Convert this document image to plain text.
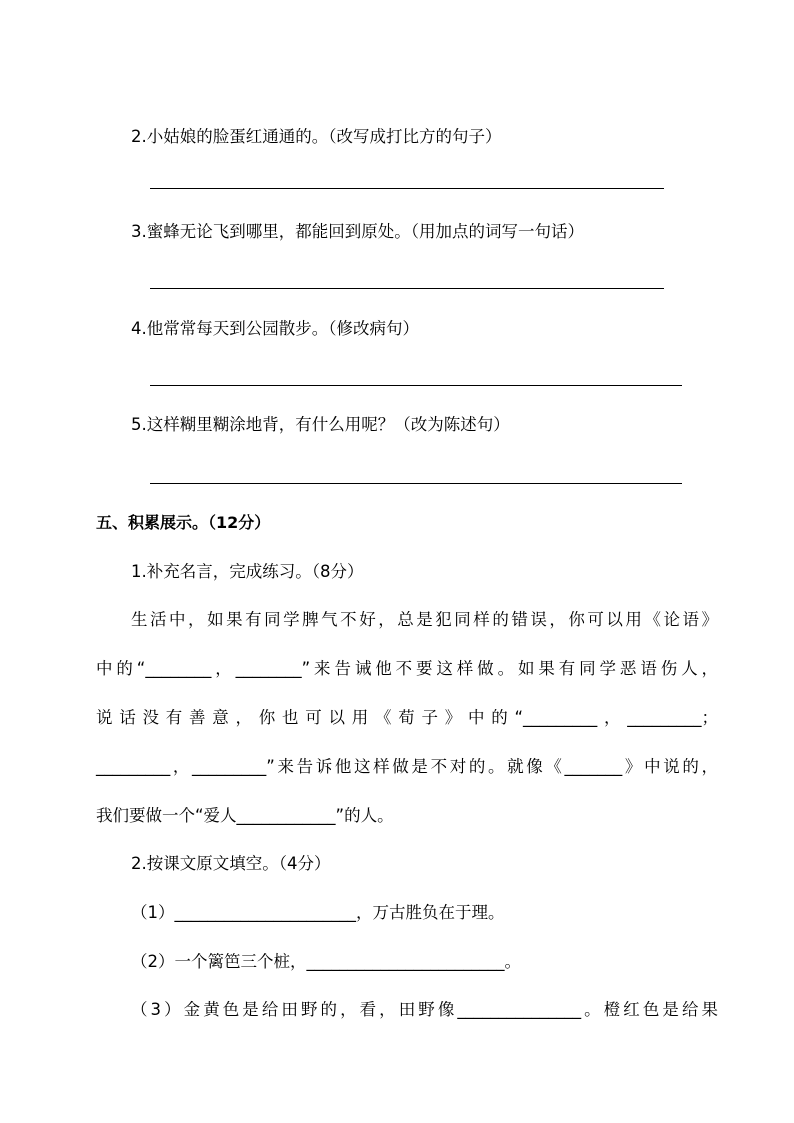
2.小姑娘的脸蛋红通通的。（改写成打比方的句子）
3.蜜蜂无论飞到哪里，都能回到原处。（用加点的词写一句话）
4.他常常每天到公园散步。（修改病句）
5.这样糊里糊涂地背，有什么用呢？（改为陈述句）
五、积累展示。（12分）
1.补充名言，完成练习。（8分）
生活中，如果有同学脾气不好，总是犯同样的错误，你可以用《论语》
中的“________，________”来告诫他不要这样做。如果有同学恶语伤人，
说话没有善意，你也可以用《荀子》中的“_________，_________；
_________，_________”来告诉他这样做是不对的。就像《_______》中说的，
我们要做一个“爱人____________”的人。
2.按课文原文填空。（4分）
（1）______________________，万古胜负在于理。
（2）一个篱笆三个桩，________________________。
（3）金黄色是给田野的，看，田野像_______________。橙红色是给果
